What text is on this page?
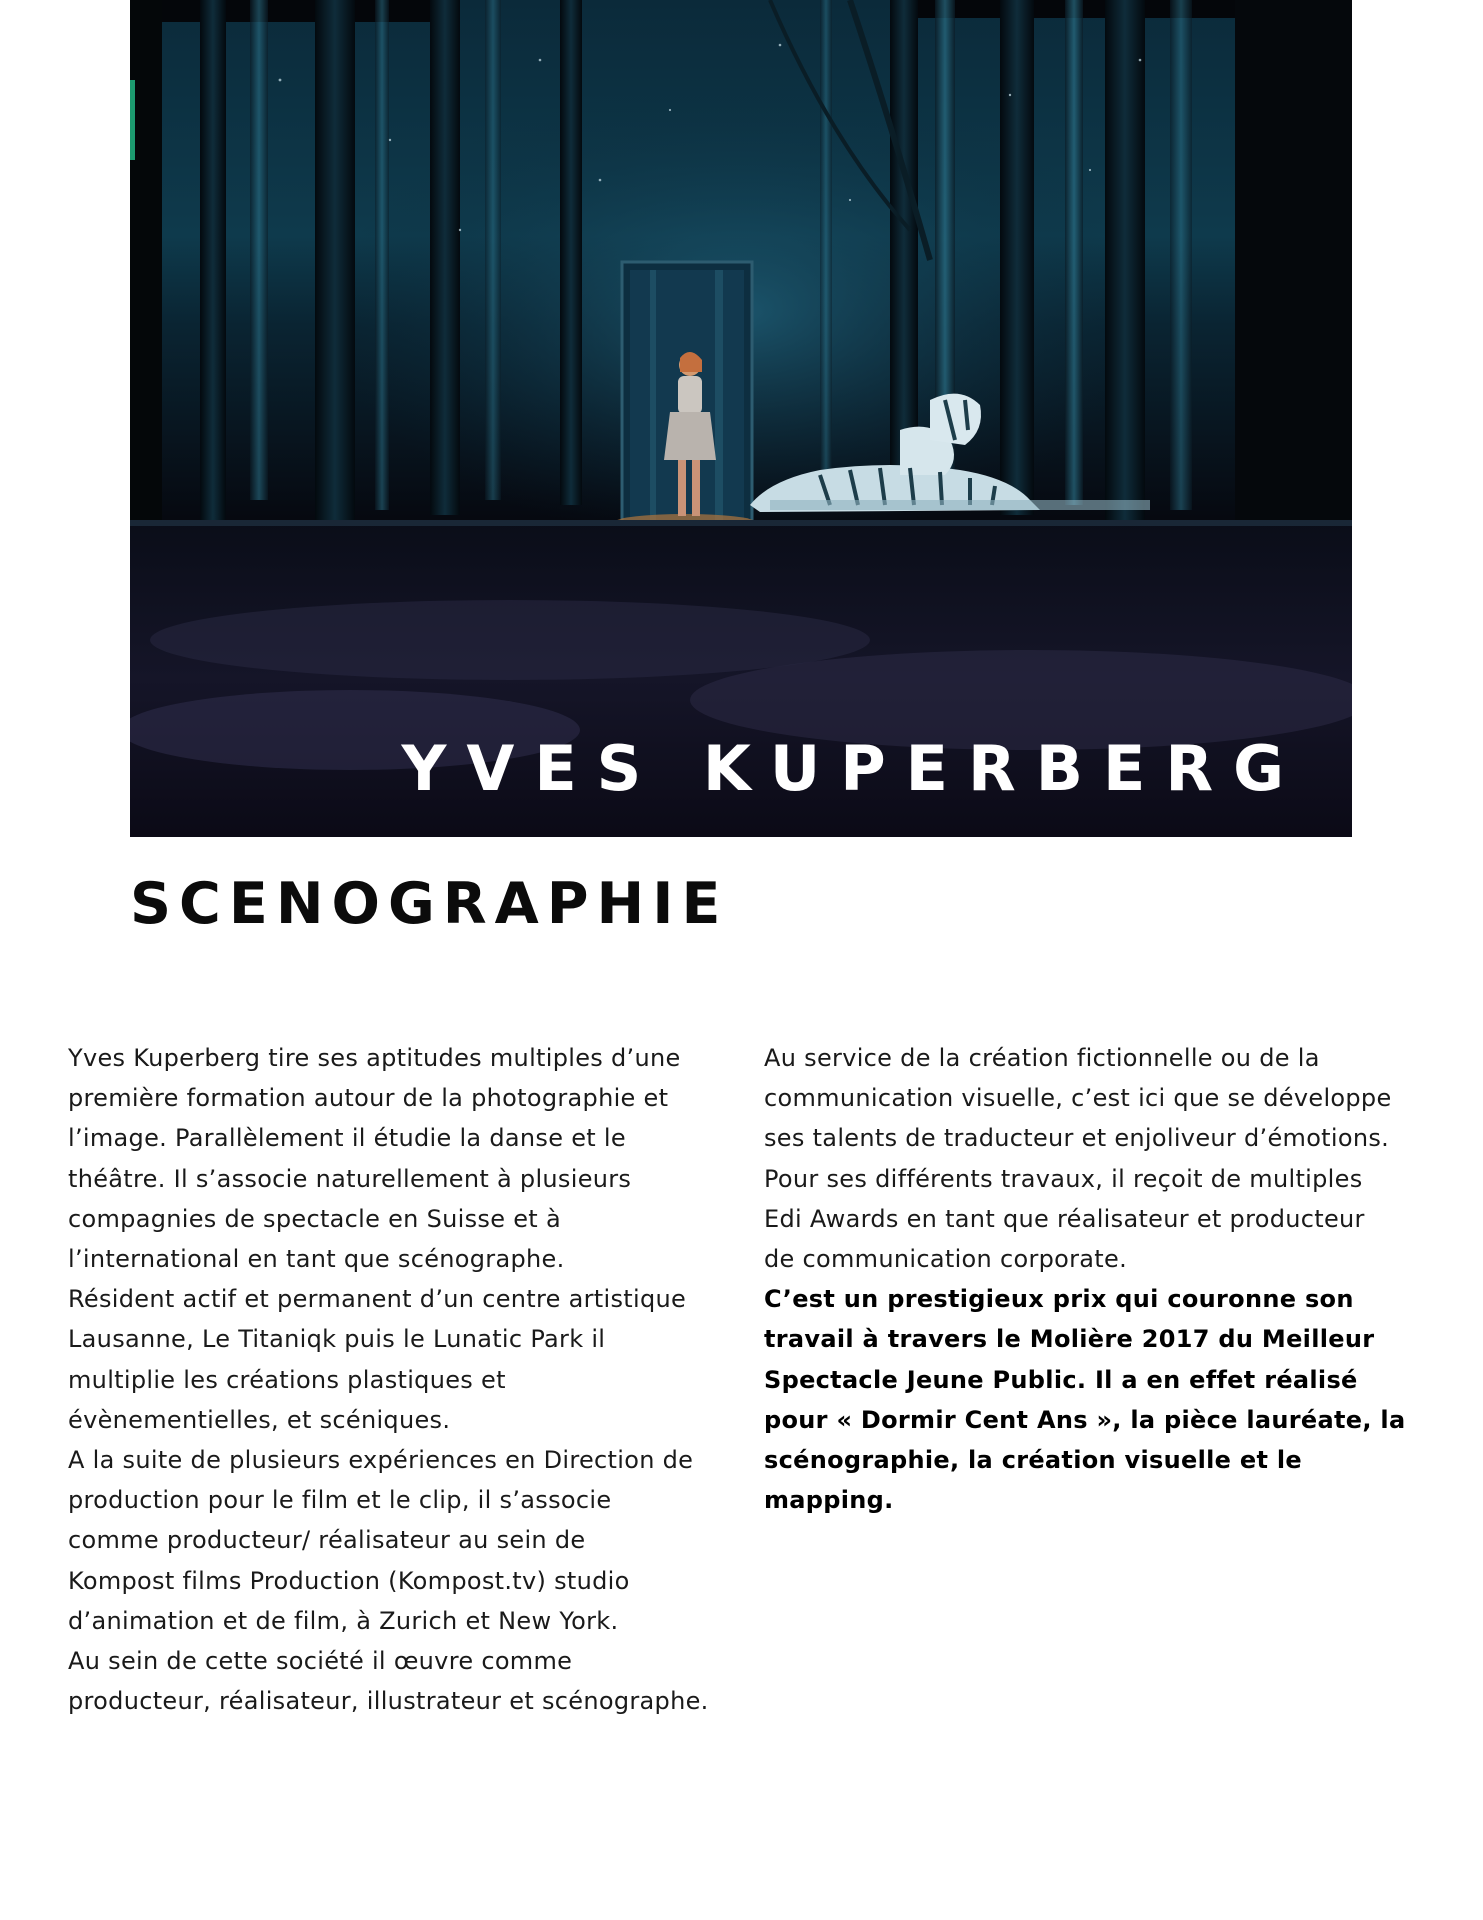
YVES KUPERBERG
SCENOGRAPHIE

Yves Kuperberg tire ses aptitudes multiples d’une

première formation autour de la photographie et

l’image. Parallèlement il étudie la danse et le

théâtre. Il s’associe naturellement à plusieurs

compagnies de spectacle en Suisse et à

l’international en tant que scénographe.

Résident actif et permanent d’un centre artistique

Lausanne, Le Titaniqk puis le Lunatic Park il

multiplie les créations plastiques et

évènementielles, et scéniques.

A la suite de plusieurs expériences en Direction de

production pour le film et le clip, il s’associe

comme producteur/ réalisateur au sein de

Kompost films Production (Kompost.tv) studio

d’animation et de film, à Zurich et New York.

Au sein de cette société il œuvre comme

producteur, réalisateur, illustrateur et scénographe.

Au service de la création fictionnelle ou de la

communication visuelle, c’est ici que se développe

ses talents de traducteur et enjoliveur d’émotions.

Pour ses différents travaux, il reçoit de multiples

Edi Awards en tant que réalisateur et producteur

de communication corporate.

C’est un prestigieux prix qui couronne son

travail à travers le Molière 2017 du Meilleur

Spectacle Jeune Public. Il a en effet réalisé

pour « Dormir Cent Ans », la pièce lauréate, la

scénographie, la création visuelle et le

mapping.
